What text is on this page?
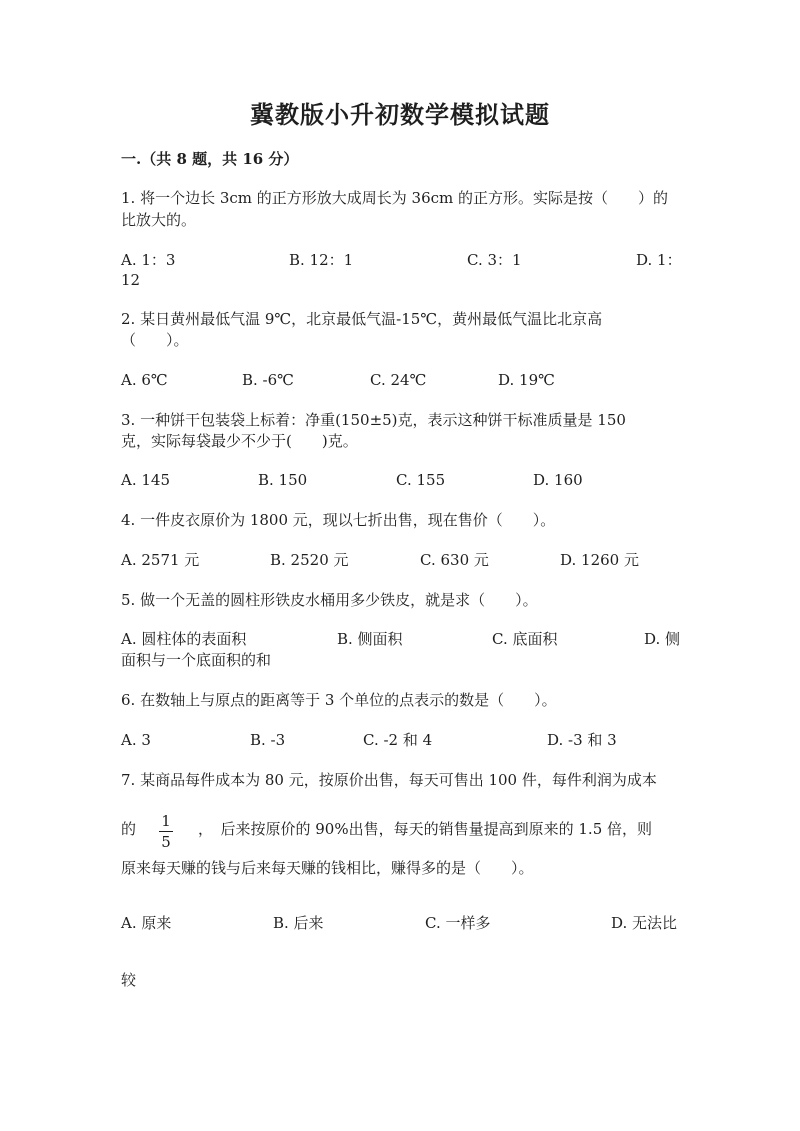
冀教版小升初数学模拟试题
一.（共 8 题，共 16 分）
1. 将一个边长 3cm 的正方形放大成周长为 36cm 的正方形。实际是按（　　）的
比放大的。
A. 1：3	B. 12：1	C. 3：1	D. 1：
12
2. 某日黄州最低气温 9℃，北京最低气温-15℃，黄州最低气温比北京高
（　　）。
A. 6℃	B. -6℃	C. 24℃	D. 19℃
3. 一种饼干包装袋上标着：净重(150±5)克，表示这种饼干标准质量是 150
克，实际每袋最少不少于(　　)克。
A. 145	B. 150	C. 155	D. 160
4. 一件皮衣原价为 1800 元，现以七折出售，现在售价（　　）。
A. 2571 元	B. 2520 元	C. 630 元	D. 1260 元
5. 做一个无盖的圆柱形铁皮水桶用多少铁皮，就是求（　　）。
A. 圆柱体的表面积	B. 侧面积	C. 底面积	D. 侧
面积与一个底面积的和
6. 在数轴上与原点的距离等于 3 个单位的点表示的数是（　　）。
A. 3	B. -3	C. -2 和 4	D. -3 和 3
7. 某商品每件成本为 80 元，按原价出售，每天可售出 100 件，每件利润为成本
的 1
5
，　后来按原价的 90%出售，每天的销售量提高到原来的 1.5 倍，则
原来每天赚的钱与后来每天赚的钱相比，赚得多的是（　　）。
A. 原来	B. 后来	C. 一样多	D. 无法比
较
